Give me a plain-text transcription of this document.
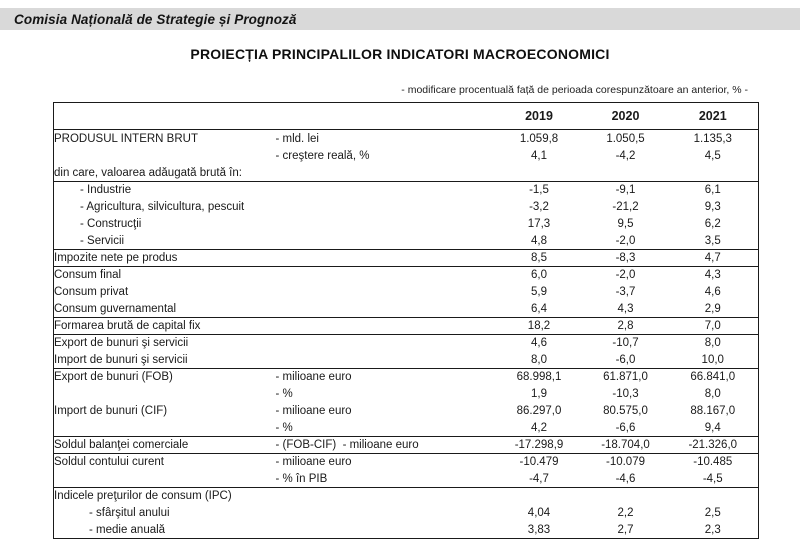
Comisia Națională de Strategie și Prognoză
PROIECȚIA PRINCIPALILOR INDICATORI MACROECONOMICI
- modificare procentuală față de perioada corespunzătoare an anterior, % -
		2019	2020	2021
PRODUSUL INTERN BRUT	- mld. lei	1.059,8	1.050,5	1.135,3
	- creştere reală, %	4,1	-4,2	4,5
din care, valoarea adăugată brută în:				
- Industrie		-1,5	-9,1	6,1
- Agricultura, silvicultura, pescuit		-3,2	-21,2	9,3
- Construcţii		17,3	9,5	6,2
- Servicii		4,8	-2,0	3,5
Impozite nete pe produs		8,5	-8,3	4,7
Consum final		6,0	-2,0	4,3
Consum privat		5,9	-3,7	4,6
Consum guvernamental		6,4	4,3	2,9
Formarea brută de capital fix		18,2	2,8	7,0
Export de bunuri şi servicii		4,6	-10,7	8,0
Import de bunuri şi servicii		8,0	-6,0	10,0
Export de bunuri (FOB)	- milioane euro	68.998,1	61.871,0	66.841,0
	- %	1,9	-10,3	8,0
Import de bunuri (CIF)	- milioane euro	86.297,0	80.575,0	88.167,0
	- %	4,2	-6,6	9,4
Soldul balanţei comerciale	- (FOB-CIF) - milioane euro	-17.298,9	-18.704,0	-21.326,0
Soldul contului curent	- milioane euro	-10.479	-10.079	-10.485
	- % în PIB	-4,7	-4,6	-4,5
Indicele preţurilor de consum (IPC)				
- sfârşitul anului		4,04	2,2	2,5
- medie anuală		3,83	2,7	2,3
